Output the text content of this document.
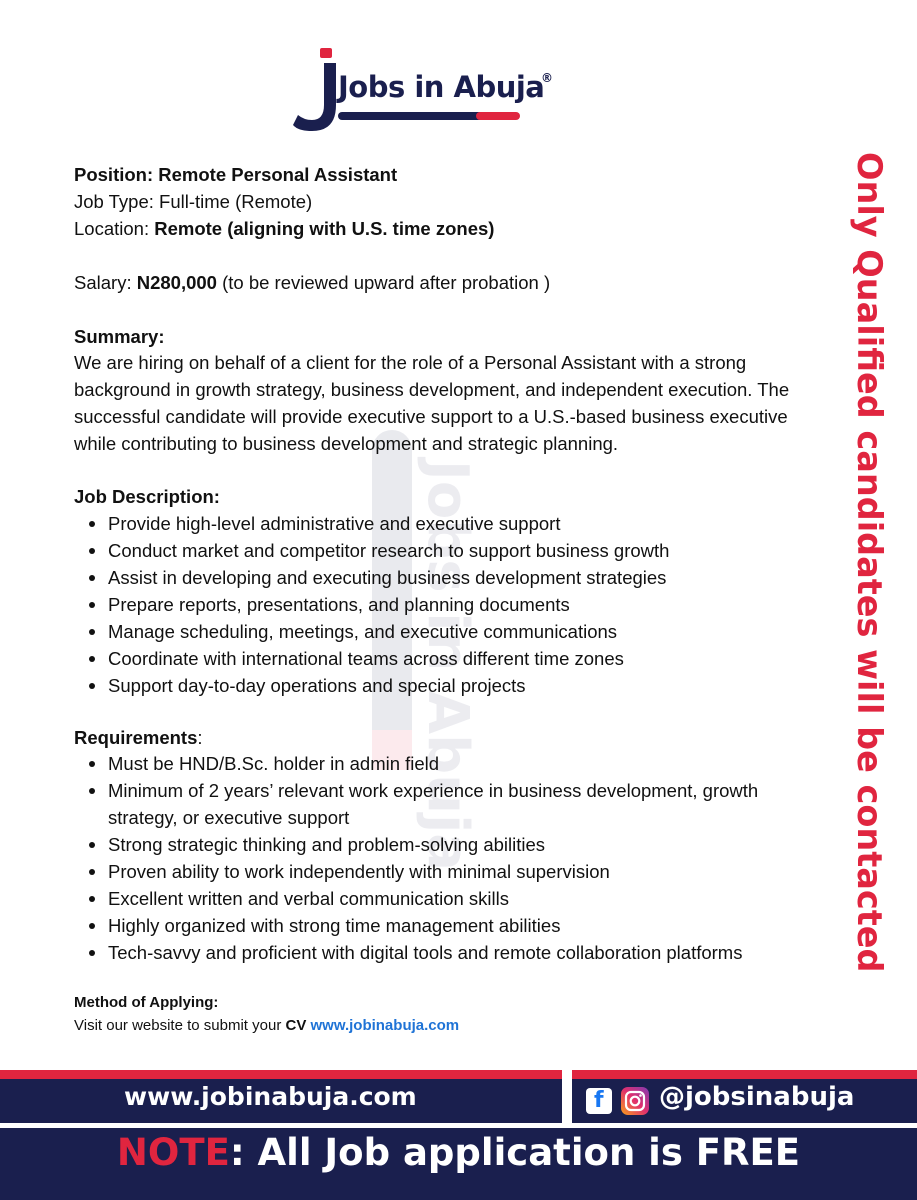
Jobs in Abuja
®
Jobs in Abuja
Position: Remote Personal Assistant
Job Type: Full-time (Remote)
Location: Remote (aligning with U.S. time zones)
Salary: N280,000 (to be reviewed upward after probation )
Summary:
We are hiring on behalf of a client for the role of a Personal Assistant with a strong
background in growth strategy, business development, and independent execution. The
successful candidate will provide executive support to a U.S.-based business executive
while contributing to business development and strategic planning.
Job Description:
Provide high-level administrative and executive support
Conduct market and competitor research to support business growth
Assist in developing and executing business development strategies
Prepare reports, presentations, and planning documents
Manage scheduling, meetings, and executive communications
Coordinate with international teams across different time zones
Support day-to-day operations and special projects
Requirements:
Must be HND/B.Sc. holder in admin field
Minimum of 2 years’ relevant work experience in business development, growth
strategy, or executive support
Strong strategic thinking and problem-solving abilities
Proven ability to work independently with minimal supervision
Excellent written and verbal communication skills
Highly organized with strong time management abilities
Tech-savvy and proficient with digital tools and remote collaboration platforms
Method of Applying:
Visit our website to submit your CV www.jobinabuja.com
Only Qualified candidates will be contacted
www.jobinabuja.com	f @jobsinabuja
NOTE: All Job application is FREE
